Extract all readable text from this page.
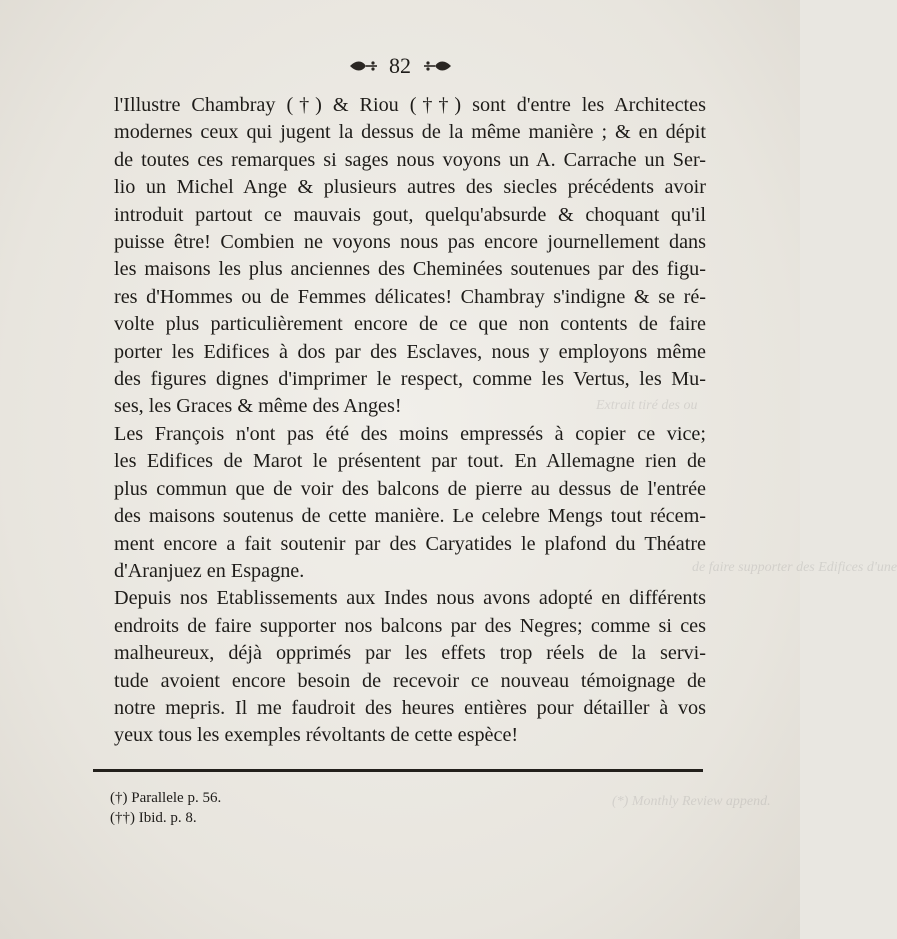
Extrait tiré des ou
de faire supporter des Edifices d'une
(*) Monthly Review append.
82

l'Illustre Chambray (†) & Riou (††) sont d'entre les Architectes
modernes ceux qui jugent la dessus de la même manière ; & en dépit
de toutes ces remarques si sages nous voyons un A. Carrache un Ser-
lio un Michel Ange & plusieurs autres des siecles précédents avoir
introduit partout ce mauvais gout, quelqu'absurde & choquant qu'il
puisse être! Combien ne voyons nous pas encore journellement dans
les maisons les plus anciennes des Cheminées soutenues par des figu-
res d'Hommes ou de Femmes délicates! Chambray s'indigne & se ré-
volte plus particulièrement encore de ce que non contents de faire
porter les Edifices à dos par des Esclaves, nous y employons même
des figures dignes d'imprimer le respect, comme les Vertus, les Mu-
ses, les Graces & même des Anges!

Les François n'ont pas été des moins empressés à copier ce vice;
les Edifices de Marot le présentent par tout. En Allemagne rien de
plus commun que de voir des balcons de pierre au dessus de l'entrée
des maisons soutenus de cette manière. Le celebre Mengs tout récem-
ment encore a fait soutenir par des Caryatides le plafond du Théatre
d'Aranjuez en Espagne.

Depuis nos Etablissements aux Indes nous avons adopté en différents
endroits de faire supporter nos balcons par des Negres; comme si ces
malheureux, déjà opprimés par les effets trop réels de la servi-
tude avoient encore besoin de recevoir ce nouveau témoignage de
notre mepris. Il me faudroit des heures entières pour détailler à vos
yeux tous les exemples révoltants de cette espèce!

(†) Parallele p. 56.
(††) Ibid. p. 8.
